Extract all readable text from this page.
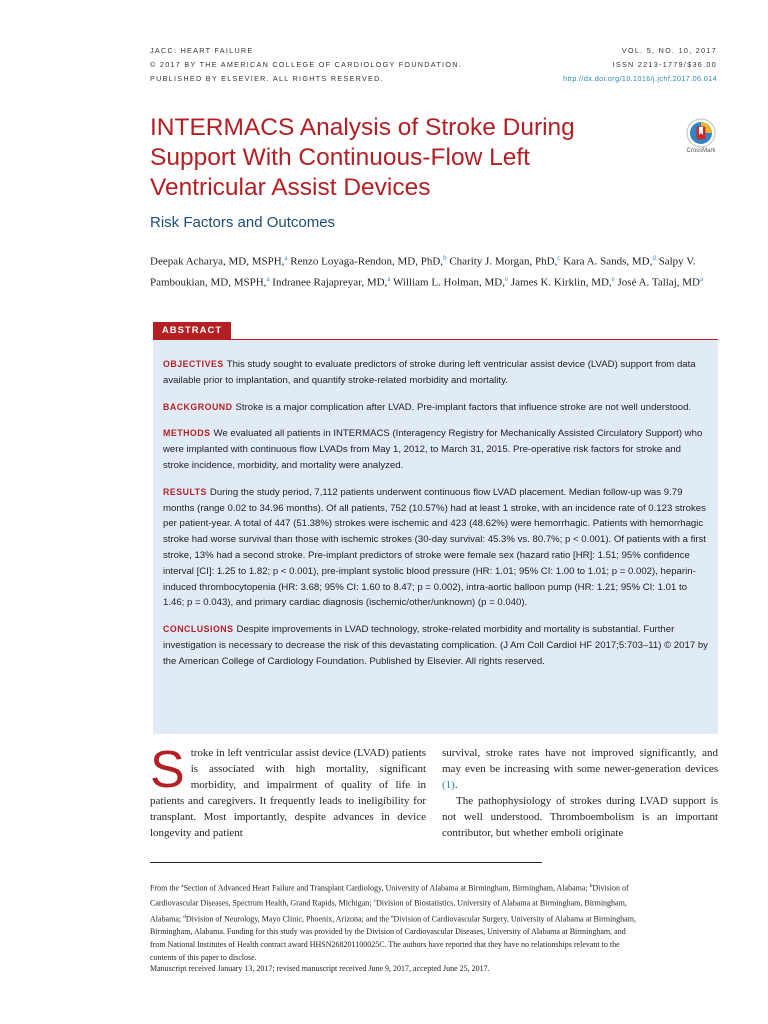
JACC: HEART FAILURE
© 2017 BY THE AMERICAN COLLEGE OF CARDIOLOGY FOUNDATION.
PUBLISHED BY ELSEVIER. ALL RIGHTS RESERVED.
VOL. 5, NO. 10, 2017
ISSN 2213-1779/$36.00
http://dx.doi.org/10.1016/j.jchf.2017.06.014
INTERMACS Analysis of Stroke During Support With Continuous-Flow Left Ventricular Assist Devices
CrossMark
Risk Factors and Outcomes
Deepak Acharya, MD, MSPH,$^a$ Renzo Loyaga-Rendon, MD, PhD,$^b$ Charity J. Morgan, PhD,$^c$ Kara A. Sands, MD,$^d$ Salpy V. Pamboukian, MD, MSPH,$^a$ Indranee Rajapreyar, MD,$^a$ William L. Holman, MD,$^e$ James K. Kirklin, MD,$^e$ José A. Tallaj, $MD^a$
ABSTRACT

OBJECTIVES This study sought to evaluate predictors of stroke during left ventricular assist device (LVAD) support from data available prior to implantation, and quantify stroke-related morbidity and mortality.

BACKGROUND Stroke is a major complication after LVAD. Pre-implant factors that influence stroke are not well understood.

METHODS We evaluated all patients in INTERMACS (Interagency Registry for Mechanically Assisted Circulatory Support) who were implanted with continuous flow LVADs from May 1, 2012, to March 31, 2015. Pre-operative risk factors for stroke and stroke incidence, morbidity, and mortality were analyzed.

RESULTS During the study period, 7,112 patients underwent continuous flow LVAD placement. Median follow-up was 9.79 months (range 0.02 to 34.96 months). Of all patients, 752 (10.57%) had at least 1 stroke, with an incidence rate of 0.123 strokes per patient-year. A total of 447 (51.38%) strokes were ischemic and 423 (48.62%) were hemorrhagic. Patients with hemorrhagic stroke had worse survival than those with ischemic strokes (30-day survival: 45.3% vs. 80.7%; p < 0.001). Of patients with a first stroke, 13% had a second stroke. Pre-implant predictors of stroke were female sex (hazard ratio [HR]: 1.51; 95% confidence interval [CI]: 1.25 to 1.82; p < 0.001), pre-implant systolic blood pressure (HR: 1.01; 95% CI: 1.00 to 1.01; p = 0.002), heparin-induced thrombocytopenia (HR: 3.68; 95% CI: 1.60 to 8.47; p = 0.002), intra-aortic balloon pump (HR: 1.21; 95% CI: 1.01 to 1.46; p = 0.043), and primary cardiac diagnosis (ischemic/other/unknown) (p = 0.040).

CONCLUSIONS Despite improvements in LVAD technology, stroke-related morbidity and mortality is substantial. Further investigation is necessary to decrease the risk of this devastating complication. (J Am Coll Cardiol HF 2017;5:703–11) © 2017 by the American College of Cardiology Foundation. Published by Elsevier. All rights reserved.

Stroke in left ventricular assist device (LVAD) patients is associated with high mortality, significant morbidity, and impairment of quality of life in patients and caregivers. It frequently leads to ineligibility for transplant. Most importantly, despite advances in device longevity and patient

survival, stroke rates have not improved significantly, and may even be increasing with some newer-generation devices (1).

The pathophysiology of strokes during LVAD support is not well understood. Thromboembolism is an important contributor, but whether emboli originate

From the $^a$Section of Advanced Heart Failure and Transplant Cardiology, University of Alabama at Birmingham, Birmingham, Alabama; $^b$Division of Cardiovascular Diseases, Spectrum Health, Grand Rapids, Michigan; $^c$Division of Biostatistics, University of Alabama at Birmingham, Birmingham, Alabama; $^d$Division of Neurology, Mayo Clinic, Phoenix, Arizona; and the $^e$Division of Cardiovascular Surgery, University of Alabama at Birmingham, Birmingham, Alabama. Funding for this study was provided by the Division of Cardiovascular Diseases, University of Alabama at Birmingham, and from National Institutes of Health contract award HHSN268201100025C. The authors have reported that they have no relationships relevant to the contents of this paper to disclose.

Manuscript received January 13, 2017; revised manuscript received June 9, 2017, accepted June 25, 2017.
